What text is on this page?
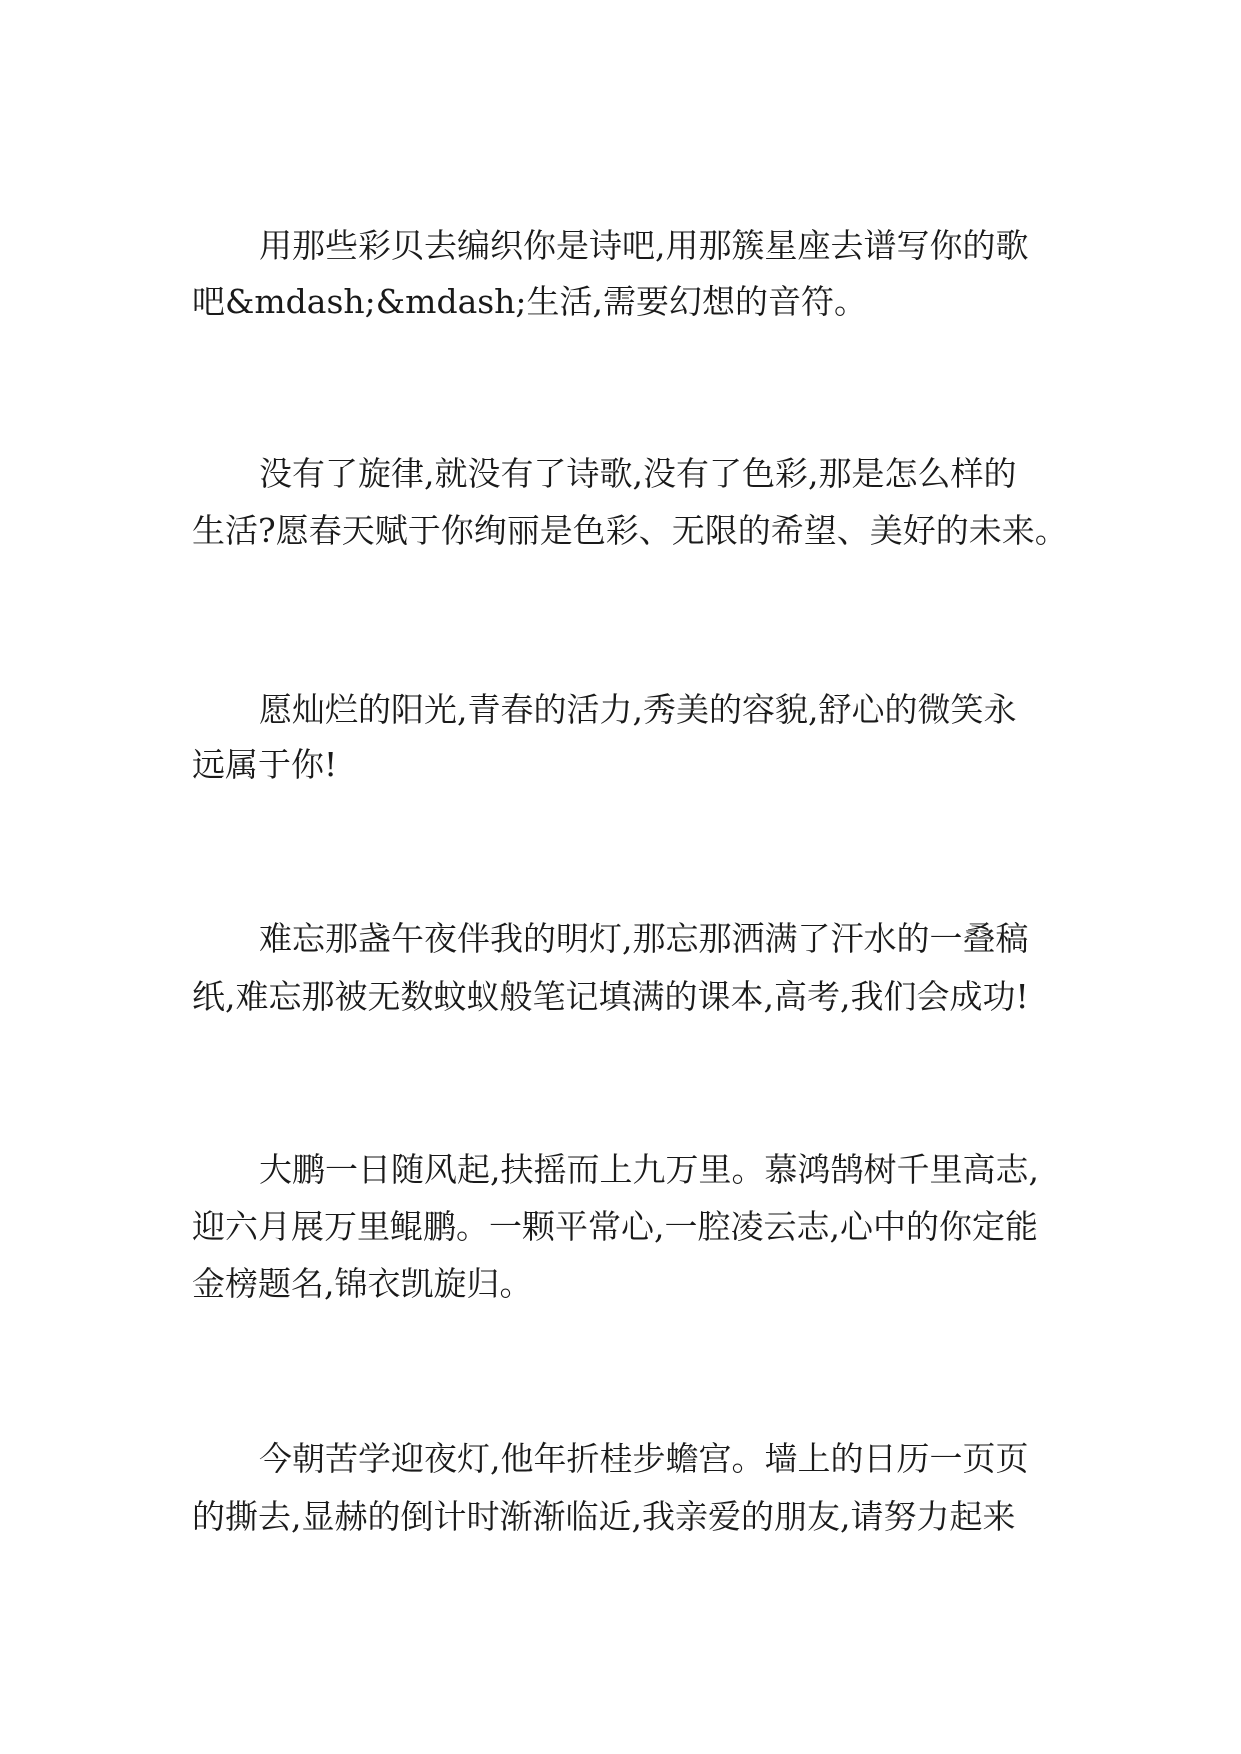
用那些彩贝去编织你是诗吧,用那簇星座去谱写你的歌
吧&mdash;&mdash;生活,需要幻想的音符。
没有了旋律,就没有了诗歌,没有了色彩,那是怎么样的
生活?愿春天赋于你绚丽是色彩、无限的希望、美好的未来。
愿灿烂的阳光,青春的活力,秀美的容貌,舒心的微笑永
远属于你!
难忘那盏午夜伴我的明灯,那忘那洒满了汗水的一叠稿
纸,难忘那被无数蚊蚁般笔记填满的课本,高考,我们会成功!
大鹏一日随风起,扶摇而上九万里。慕鸿鹄树千里高志,
迎六月展万里鲲鹏。一颗平常心,一腔凌云志,心中的你定能
金榜题名,锦衣凯旋归。
今朝苦学迎夜灯,他年折桂步蟾宫。墙上的日历一页页
的撕去,显赫的倒计时渐渐临近,我亲爱的朋友,请努力起来
